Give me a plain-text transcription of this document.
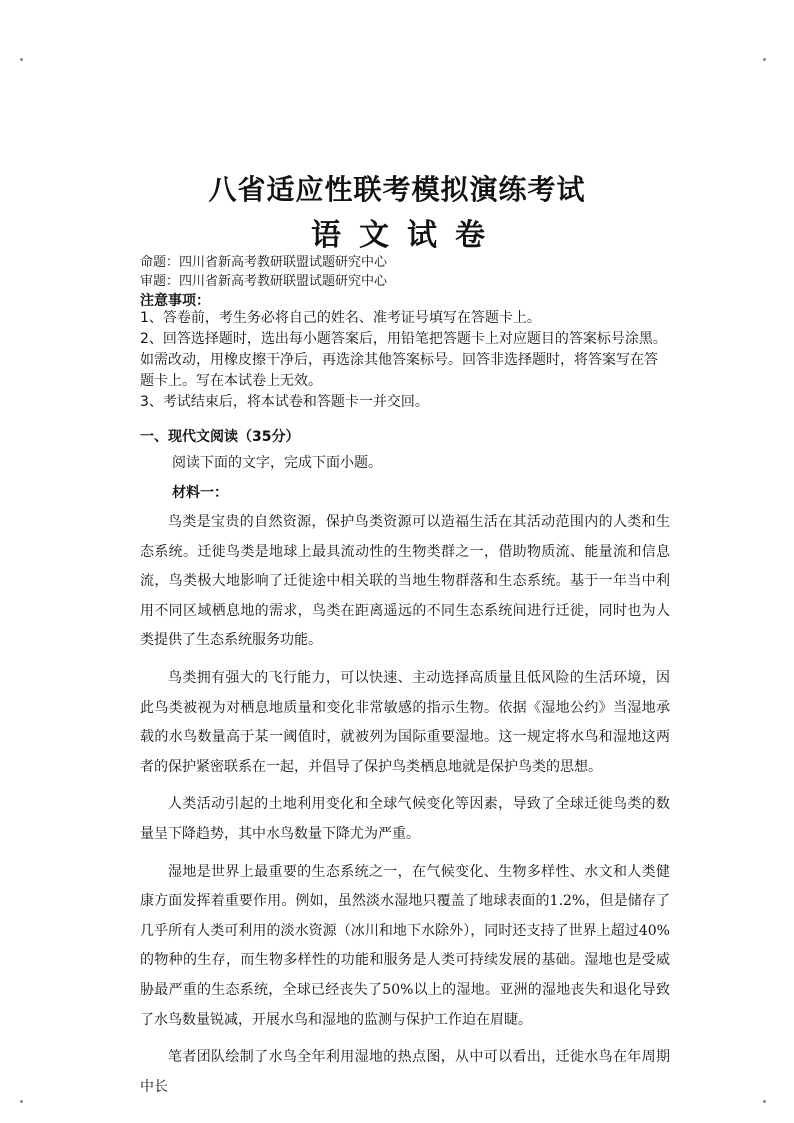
八省适应性联考模拟演练考试
语文试卷
命题：四川省新高考教研联盟试题研究中心
审题：四川省新高考教研联盟试题研究中心
注意事项：

1、答卷前，考生务必将自己的姓名、准考证号填写在答题卡上。

2、回答选择题时，选出每小题答案后，用铅笔把答题卡上对应题目的答案标号涂黑。如需改动，用橡皮擦干净后，再选涂其他答案标号。回答非选择题时，将答案写在答题卡上。写在本试卷上无效。

3、考试结束后，将本试卷和答题卡一并交回。

一、现代文阅读（35分）
阅读下面的文字，完成下面小题。
材料一：

鸟类是宝贵的自然资源，保护鸟类资源可以造福生活在其活动范围内的人类和生态系统。迁徙鸟类是地球上最具流动性的生物类群之一，借助物质流、能量流和信息流，鸟类极大地影响了迁徙途中相关联的当地生物群落和生态系统。基于一年当中利用不同区域栖息地的需求，鸟类在距离遥远的不同生态系统间进行迁徙，同时也为人类提供了生态系统服务功能。

鸟类拥有强大的飞行能力，可以快速、主动选择高质量且低风险的生活环境，因此鸟类被视为对栖息地质量和变化非常敏感的指示生物。依据《湿地公约》当湿地承载的水鸟数量高于某一阈值时，就被列为国际重要湿地。这一规定将水鸟和湿地这两者的保护紧密联系在一起，并倡导了保护鸟类栖息地就是保护鸟类的思想。

人类活动引起的土地利用变化和全球气候变化等因素，导致了全球迁徙鸟类的数量呈下降趋势，其中水鸟数量下降尤为严重。

湿地是世界上最重要的生态系统之一，在气候变化、生物多样性、水文和人类健康方面发挥着重要作用。例如，虽然淡水湿地只覆盖了地球表面的1.2%，但是储存了几乎所有人类可利用的淡水资源（冰川和地下水除外），同时还支持了世界上超过40%的物种的生存，而生物多样性的功能和服务是人类可持续发展的基础。湿地也是受威胁最严重的生态系统，全球已经丧失了50%以上的湿地。亚洲的湿地丧失和退化导致了水鸟数量锐减，开展水鸟和湿地的监测与保护工作迫在眉睫。

笔者团队绘制了水鸟全年利用湿地的热点图，从中可以看出，迁徙水鸟在年周期中长
